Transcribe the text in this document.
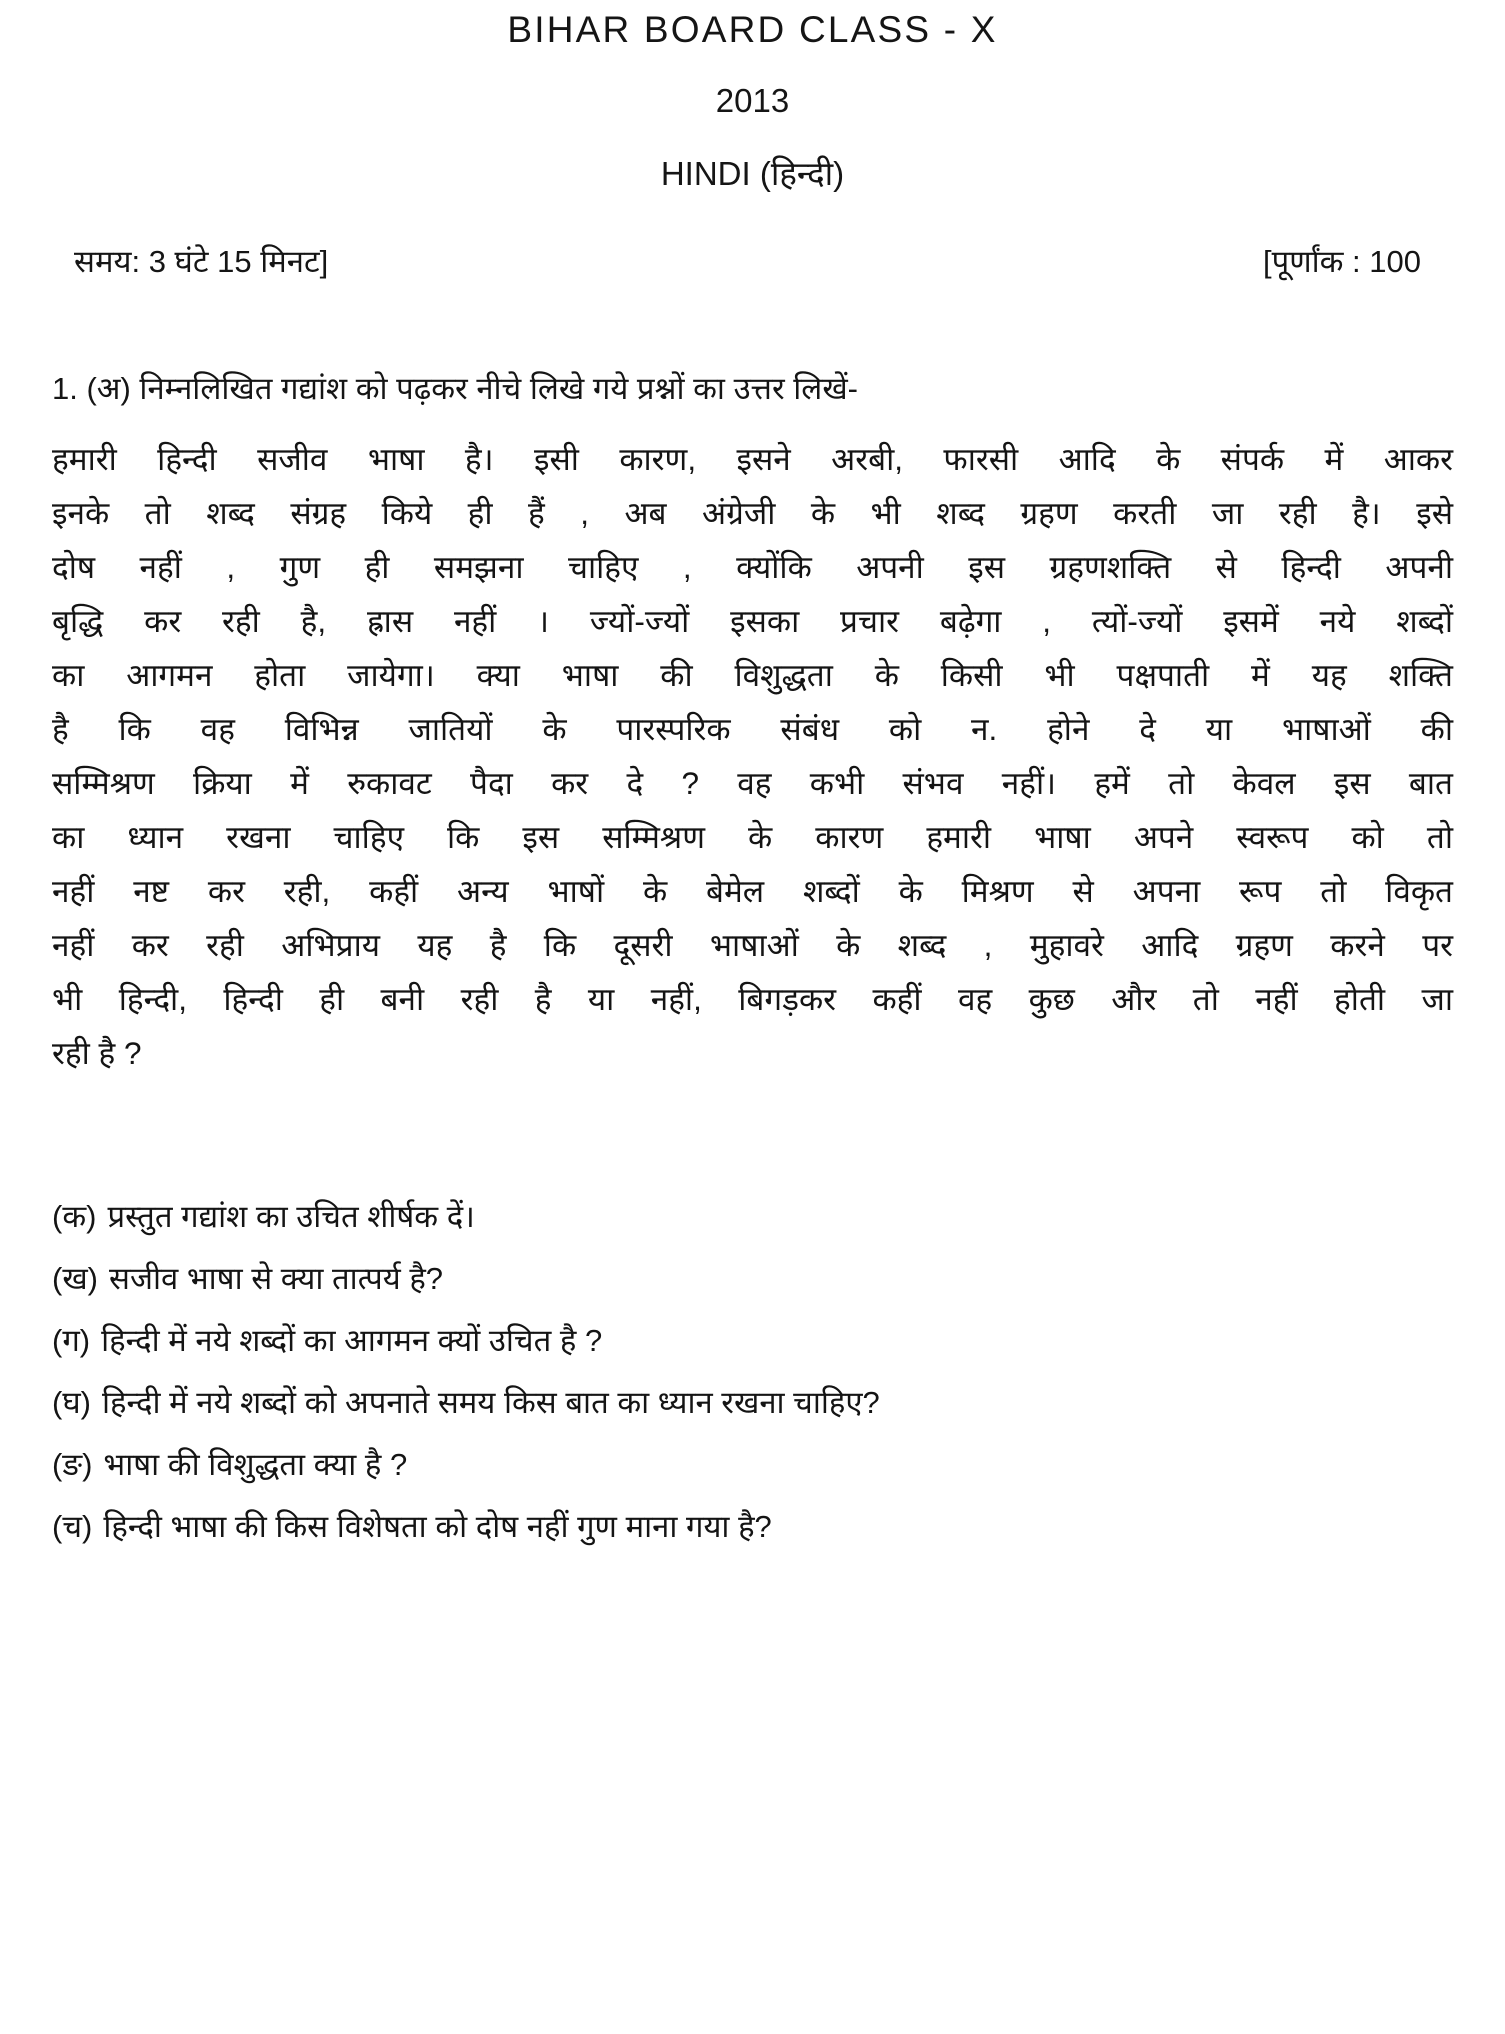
BIHAR BOARD CLASS - X
2013
HINDI (हिन्दी)
समय: 3 घंटे 15 मिनट]	[पूर्णांक : 100
1. (अ) निम्नलिखित गद्यांश को पढ़कर नीचे लिखे गये प्रश्नों का उत्तर लिखें-
हमारी हिन्दी सजीव भाषा है। इसी कारण, इसने अरबी, फारसी आदि के संपर्क में आकर
इनके तो शब्द संग्रह किये ही हैं , अब अंग्रेजी के भी शब्द ग्रहण करती जा रही है। इसे
दोष नहीं , गुण ही समझना चाहिए , क्योंकि अपनी इस ग्रहणशक्ति से हिन्दी अपनी
बृद्धि कर रही है, ह्रास नहीं । ज्यों-ज्यों इसका प्रचार बढ़ेगा , त्यों-ज्यों इसमें नये शब्दों
का आगमन होता जायेगा। क्या भाषा की विशुद्धता के किसी भी पक्षपाती में यह शक्ति
है कि वह विभिन्न जातियों के पारस्परिक संबंध को न. होने दे या भाषाओं की
सम्मिश्रण क्रिया में रुकावट पैदा कर दे ? वह कभी संभव नहीं। हमें तो केवल इस बात
का ध्यान रखना चाहिए कि इस सम्मिश्रण के कारण हमारी भाषा अपने स्वरूप को तो
नहीं नष्ट कर रही, कहीं अन्य भाषों के बेमेल शब्दों के मिश्रण से अपना रूप तो विकृत
नहीं कर रही अभिप्राय यह है कि दूसरी भाषाओं के शब्द , मुहावरे आदि ग्रहण करने पर
भी हिन्दी, हिन्दी ही बनी रही है या नहीं, बिगड़कर कहीं वह कुछ और तो नहीं होती जा
रही है ?
(क) प्रस्तुत गद्यांश का उचित शीर्षक दें।
(ख) सजीव भाषा से क्या तात्पर्य है?
(ग) हिन्दी में नये शब्दों का आगमन क्यों उचित है ?
(घ) हिन्दी में नये शब्दों को अपनाते समय किस बात का ध्यान रखना चाहिए?
(ङ) भाषा की विशुद्धता क्या है ?
(च) हिन्दी भाषा की किस विशेषता को दोष नहीं गुण माना गया है?
